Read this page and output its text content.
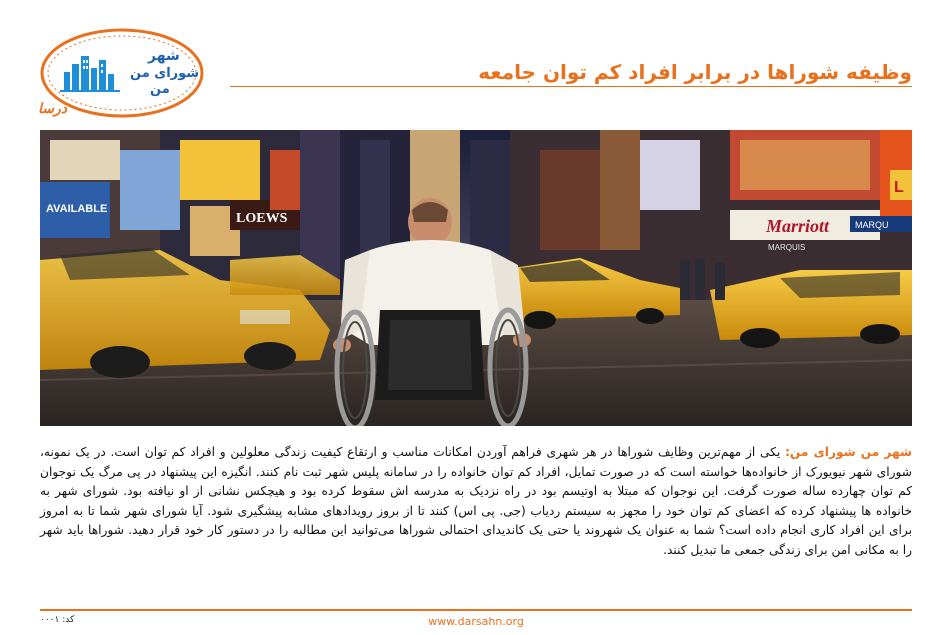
شهر
شورای من
من
درسا
وظیفه شوراها در برابر افراد کم توان جامعه
AVAILABLE
LOEWS	Marriott
MARQUIS
MARQU
L
شهر من شورای من: یکی از مهم‌ترین وظایف شوراها در هر شهری فراهم آوردن امکانات مناسب و ارتقاع کیفیت زندگی معلولین و افراد کم توان است. در یک نمونه، شورای شهر نیویورک از خانواده‌ها خواسته است که در صورت تمایل، افراد کم توان خانواده را در سامانه پلیس شهر ثبت نام کنند. انگیزه این پیشنهاد در پی مرگ یک نوجوان کم توان چهارده ساله صورت گرفت. این نوجوان که مبتلا به اوتیسم بود در راه نزدیک به مدرسه اش سقوط کرده بود و هیچکس نشانی از او نیافته بود. شورای شهر به خانواده ها پیشنهاد کرده که اعضای کم توان خود را مجهز به سیستم ردیاب (جی. پی اس) کنند تا از بروز رویدادهای مشابه پیشگیری شود. آیا شورای شهر شما تا به امروز برای این افراد کاری انجام داده است؟ شما به عنوان یک شهروند یا حتی یک کاندیدای احتمالی شوراها می‌توانید این مطالبه را در دستور کار خود قرار دهید. شوراها باید شهر را به مکانی امن برای زندگی جمعی ما تبدیل کنند.
www.darsahn.org
کد: ۰۰۰۱
